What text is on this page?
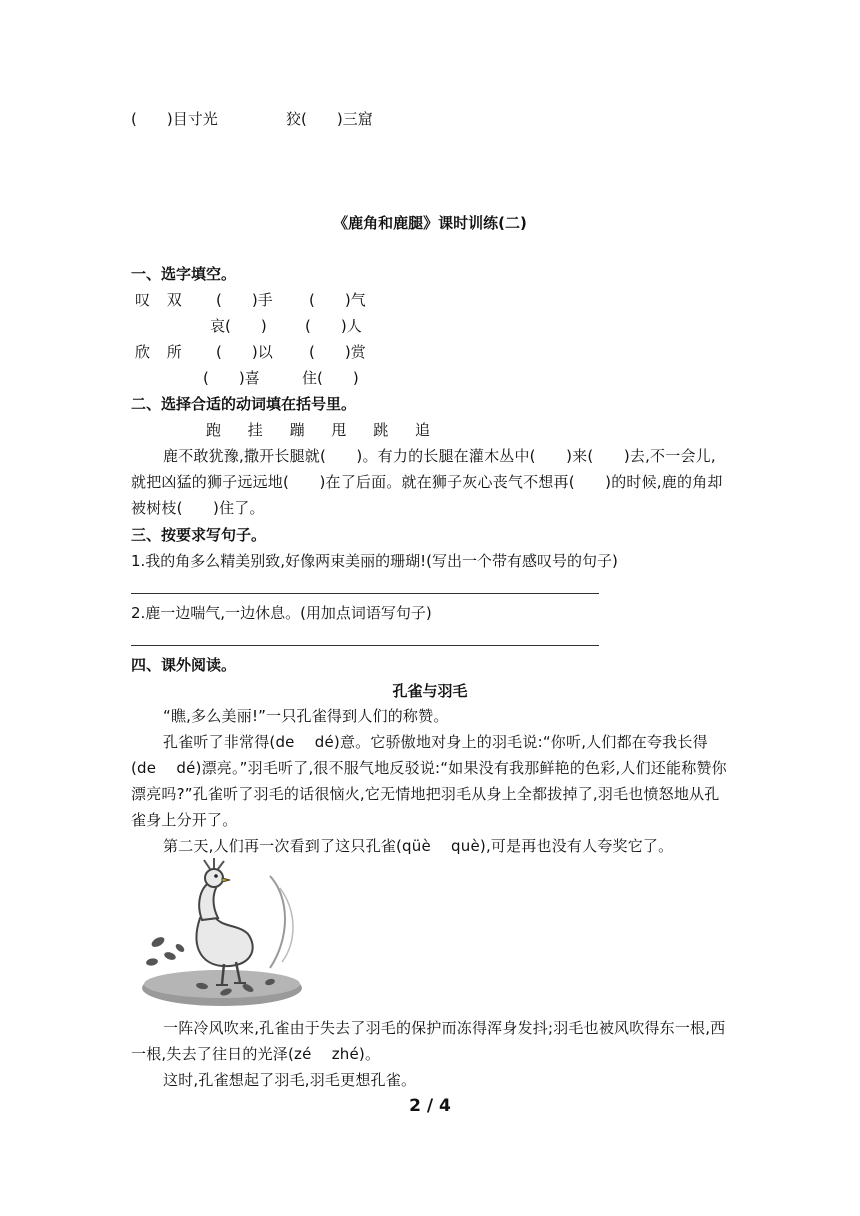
(　　)目寸光	狡(　　)三窟
《鹿角和鹿腿》课时训练(二)
一、选字填空。
叹 双 (　　)手 (　　)气
哀(　　)	(　　)人
欣 所 (　　)以 (　　)赏
(　　)喜	住(　　)
二、选择合适的动词填在括号里。
跑 挂 蹦 甩 跳 追
鹿不敢犹豫,撒开长腿就(　　)。有力的长腿在灌木丛中(　　)来(　　)去,不一会儿,就把凶猛的狮子远远地(　　)在了后面。就在狮子灰心丧气不想再(　　)的时候,鹿的角却被树枝(　　)住了。
三、按要求写句子。
1.我的角多么精美别致,好像两束美丽的珊瑚!(写出一个带有感叹号的句子)
2.鹿一边喘气,一边休息。(用加点词语写句子)
四、课外阅读。
孔雀与羽毛
“瞧,多么美丽!”一只孔雀得到人们的称赞。
孔雀听了非常得(de　 dé)意。它骄傲地对身上的羽毛说:“你听,人们都在夸我长得(de　 dé)漂亮。”羽毛听了,很不服气地反驳说:“如果没有我那鲜艳的色彩,人们还能称赞你漂亮吗?”孔雀听了羽毛的话很恼火,它无情地把羽毛从身上全都拔掉了,羽毛也愤怒地从孔雀身上分开了。
第二天,人们再一次看到了这只孔雀(qüè　 què),可是再也没有人夸奖它了。
一阵冷风吹来,孔雀由于失去了羽毛的保护而冻得浑身发抖;羽毛也被风吹得东一根,西一根,失去了往日的光泽(zé　 zhé)。
这时,孔雀想起了羽毛,羽毛更想孔雀。
2 / 4
